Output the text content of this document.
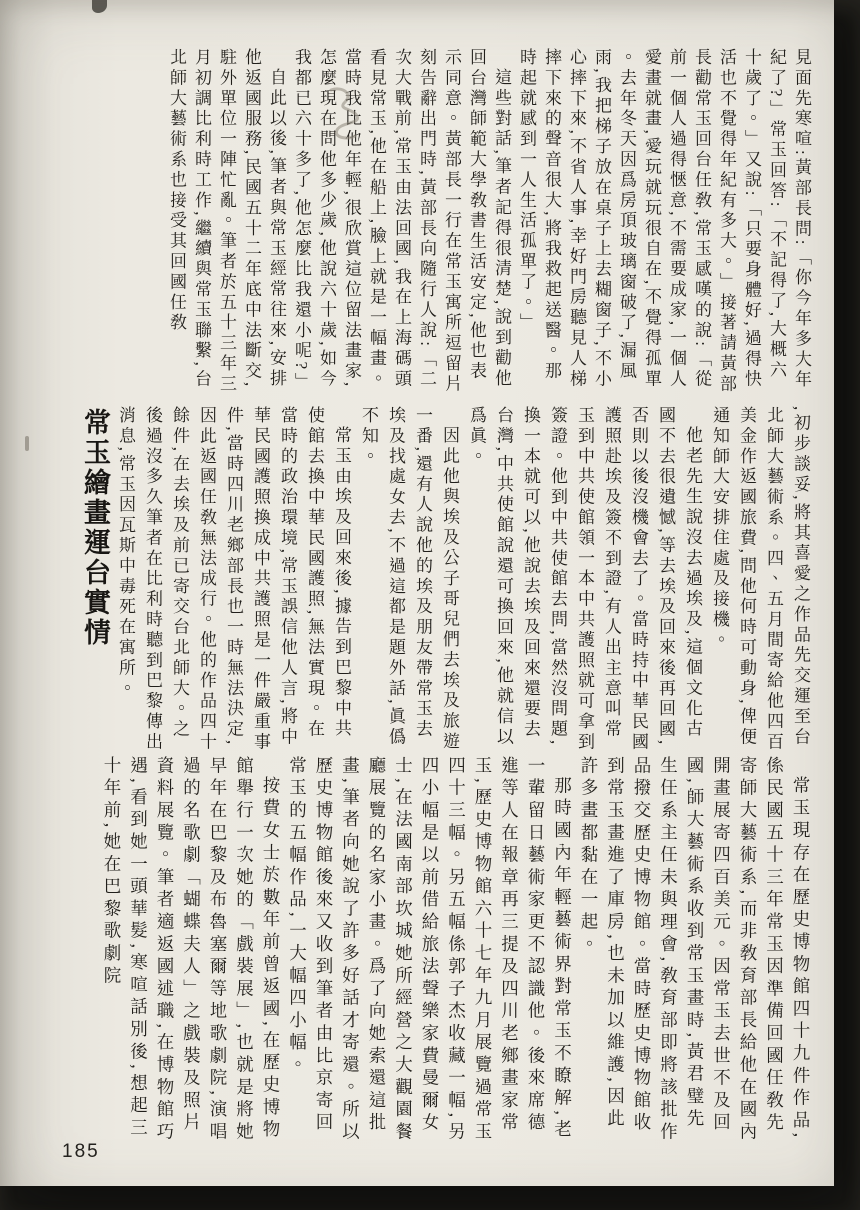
見面先寒喧:黃部長問:「你今年多大年紀了?」常玉回答:「不記得了,大概六十歲了。」又說:「只要身體好,過得快活也不覺得年紀有多大。」接著請黃部長勸常玉回台任敎,常玉感嘆的說:「從前一個人過得愜意,不需要成家,一個人愛畫就畫,愛玩就玩很自在,不覺得孤單。去年冬天因爲房頂玻璃窗破了,漏風雨,我把梯子放在桌子上去糊窗子,不小心摔下來,不省人事,幸好門房聽見人梯摔下來的聲音很大,將我救起送醫。那時起就感到一人生活孤單了。」

這些對話,筆者記得很清楚,說到勸他回台灣師範大學敎書生活安定,他也表示同意。黃部長一行在常玉寓所逗留片刻告辭出門時,黃部長向隨行人說:「二次大戰前,常玉由法回國,我在上海碼頭看見常玉,他在船上,臉上就是一幅畫。當時我比他年輕,很欣賞這位留法畫家,怎麼現在問他多少歲,他說六十歲,如今我都已六十多了,他怎麼比我還小呢?」

自此以後,筆者與常玉經常往來,安排他返國服務,民國五十二年底中法斷交,駐外單位一陣忙亂。筆者於五十三年三月初調比利時工作,繼續與常玉聯繫,台北師大藝術系也接受其回國任敎

,初步談妥,將其喜愛之作品先交運至台北師大藝術系。四、五月間寄給他四百美金作返國旅費,問他何時可動身,俾便通知師大安排住處及接機。

他老先生說沒去過埃及,這個文化古國不去很遺憾,等去埃及回來後再回國,否則以後沒機會去了。當時持中華民國護照赴埃及簽不到證,有人出主意叫常玉到中共使館領一本中共護照就可拿到簽證。他到中共使館去問,當然沒問題,換一本就可以,他說去埃及回來還要去台灣,中共使館說還可換回來,他就信以爲眞。

因此他與埃及公子哥兒們去埃及旅遊一番,還有人說他的埃及朋友帶常玉去埃及找處女去,不過這都是題外話,眞僞不知。

常玉由埃及回來後,據告到巴黎中共使館去換中華民國護照,無法實現。在當時的政治環境,常玉誤信他人言,將中華民國護照換成中共護照是一件嚴重事件,當時四川老鄉部長也一時無法決定,因此返國任敎無法成行。他的作品四十餘件,在去埃及前已寄交台北師大。之後過沒多久筆者在比利時聽到巴黎傳出消息,常玉因瓦斯中毒死在寓所。

常玉繪畫運台實情

常玉現存在歷史博物館四十九件作品,係民國五十三年常玉因準備回國任敎先寄師大藝術系,而非敎育部長給他在國內開畫展寄四百美元。因常玉去世不及回國,師大藝術系收到常玉畫時,黃君璧先生任系主任未與理會,敎育部即將該批作品撥交歷史博物館。當時歷史博物館收到常玉畫進了庫房,也未加以維護,因此許多畫都黏在一起。

那時國內年輕藝術界對常玉不瞭解,老一輩留日藝術家更不認識他。後來席德進等人在報章再三提及四川老鄉畫家常玉,歷史博物館六十七年九月展覽過常玉四十三幅。另五幅係郭子杰收藏一幅,另四小幅是以前借給旅法聲樂家費曼爾女士,在法國南部坎城她所經營之大觀園餐廳展覽的名家小畫。爲了向她索還這批畫,筆者向她說了許多好話才寄還。所以歷史博物館後來又收到筆者由比京寄回常玉的五幅作品,一大幅四小幅。

按費女士於數年前曾返國,在歷史博物館舉行一次她的「戲裝展」,也就是將她早年在巴黎及布魯塞爾等地歌劇院,演唱過的名歌劇「蝴蝶夫人」之戲裝及照片資料展覽。筆者適返國述職,在博物館巧遇,看到她一頭華髮,寒喧話別後,想起三十年前,她在巴黎歌劇院

185
